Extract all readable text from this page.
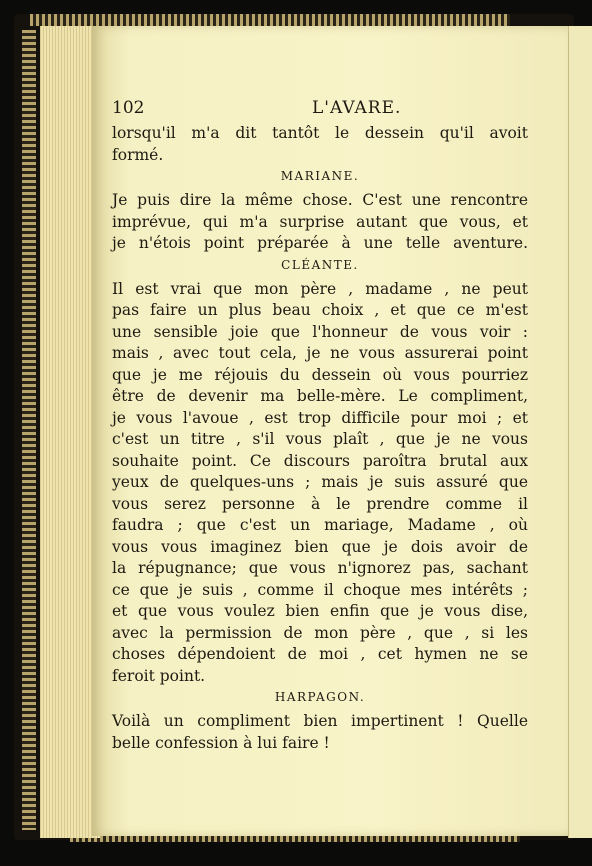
102	L'AVARE.
lorsqu'il m'a dit tantôt le dessein qu'il avoit
formé.
MARIANE.
Je puis dire la même chose. C'est une rencontre
imprévue, qui m'a surprise autant que vous, et
je n'étois point préparée à une telle aventure.
CLÉANTE.
Il est vrai que mon père , madame , ne peut
pas faire un plus beau choix , et que ce m'est
une sensible joie que l'honneur de vous voir :
mais , avec tout cela, je ne vous assurerai point
que je me réjouis du dessein où vous pourriez
être de devenir ma belle-mère. Le compliment,
je vous l'avoue , est trop difficile pour moi ; et
c'est un titre , s'il vous plaît , que je ne vous
souhaite point. Ce discours paroîtra brutal aux
yeux de quelques-uns ; mais je suis assuré que
vous serez personne à le prendre comme il
faudra ; que c'est un mariage, Madame , où
vous vous imaginez bien que je dois avoir de
la répugnance; que vous n'ignorez pas, sachant
ce que je suis , comme il choque mes intérêts ;
et que vous voulez bien enfin que je vous dise,
avec la permission de mon père , que , si les
choses dépendoient de moi , cet hymen ne se
feroit point.
HARPAGON.
Voilà un compliment bien impertinent ! Quelle
belle confession à lui faire !
